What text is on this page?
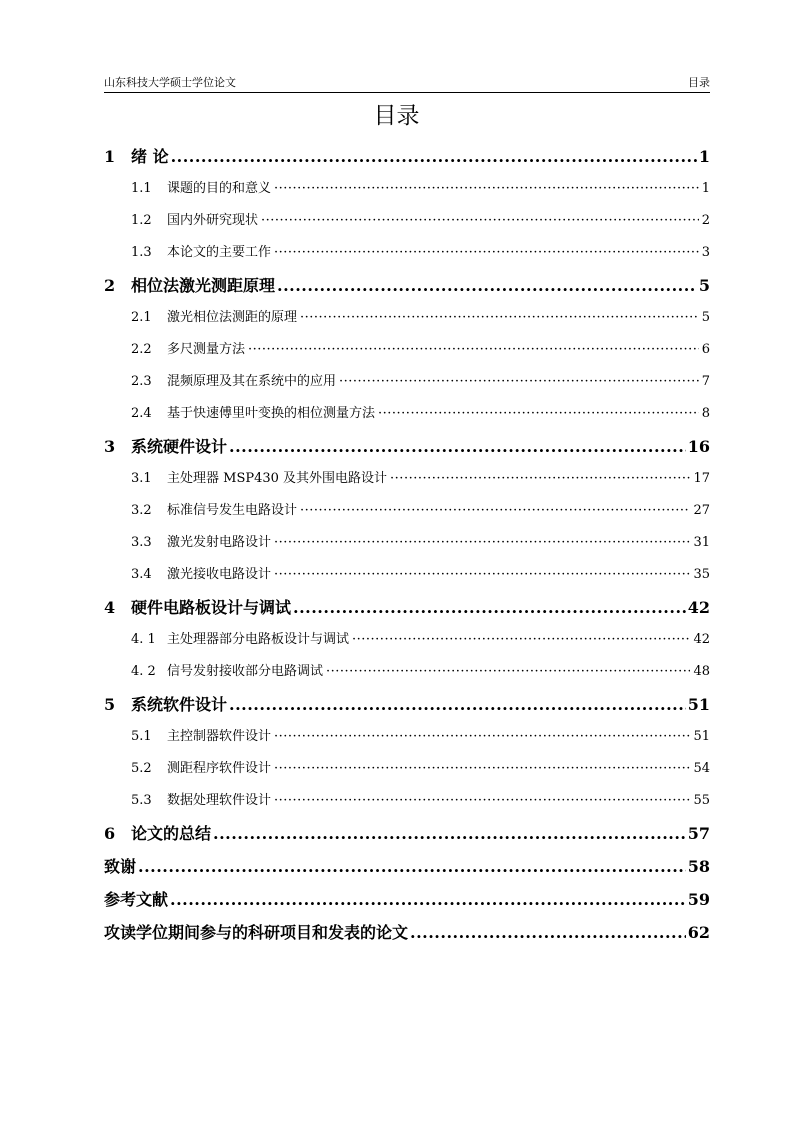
山东科技大学硕士学位论文	目录
目录
1 绪 论 .....	1
1.1	课题的目的和意义 ·····	1
1.2	国内外研究现状 ·····	2
1.3	本论文的主要工作 ·····	3
2 相位法激光测距原理 .....	5
2.1	激光相位法测距的原理 ·····	5
2.2	多尺测量方法 ·····	6
2.3	混频原理及其在系统中的应用 ·····	7
2.4	基于快速傅里叶变换的相位测量方法 ·····	8
3 系统硬件设计 .....	16
3.1	主处理器 MSP430 及其外围电路设计 ·····	17
3.2	标准信号发生电路设计 ·····	27
3.3	激光发射电路设计 ·····	31
3.4	激光接收电路设计 ·····	35
4 硬件电路板设计与调试 .....	42
4. 1 主处理器部分电路板设计与调试 ·····	42
4. 2 信号发射接收部分电路调试 ·····	48
5 系统软件设计 .....	51
5.1	主控制器软件设计 ·····	51
5.2	测距程序软件设计 ·····	54
5.3	数据处理软件设计 ·····	55
6 论文的总结 .....	57
致谢 .....	58
参考文献 .....	59
攻读学位期间参与的科研项目和发表的论文 .....	62
